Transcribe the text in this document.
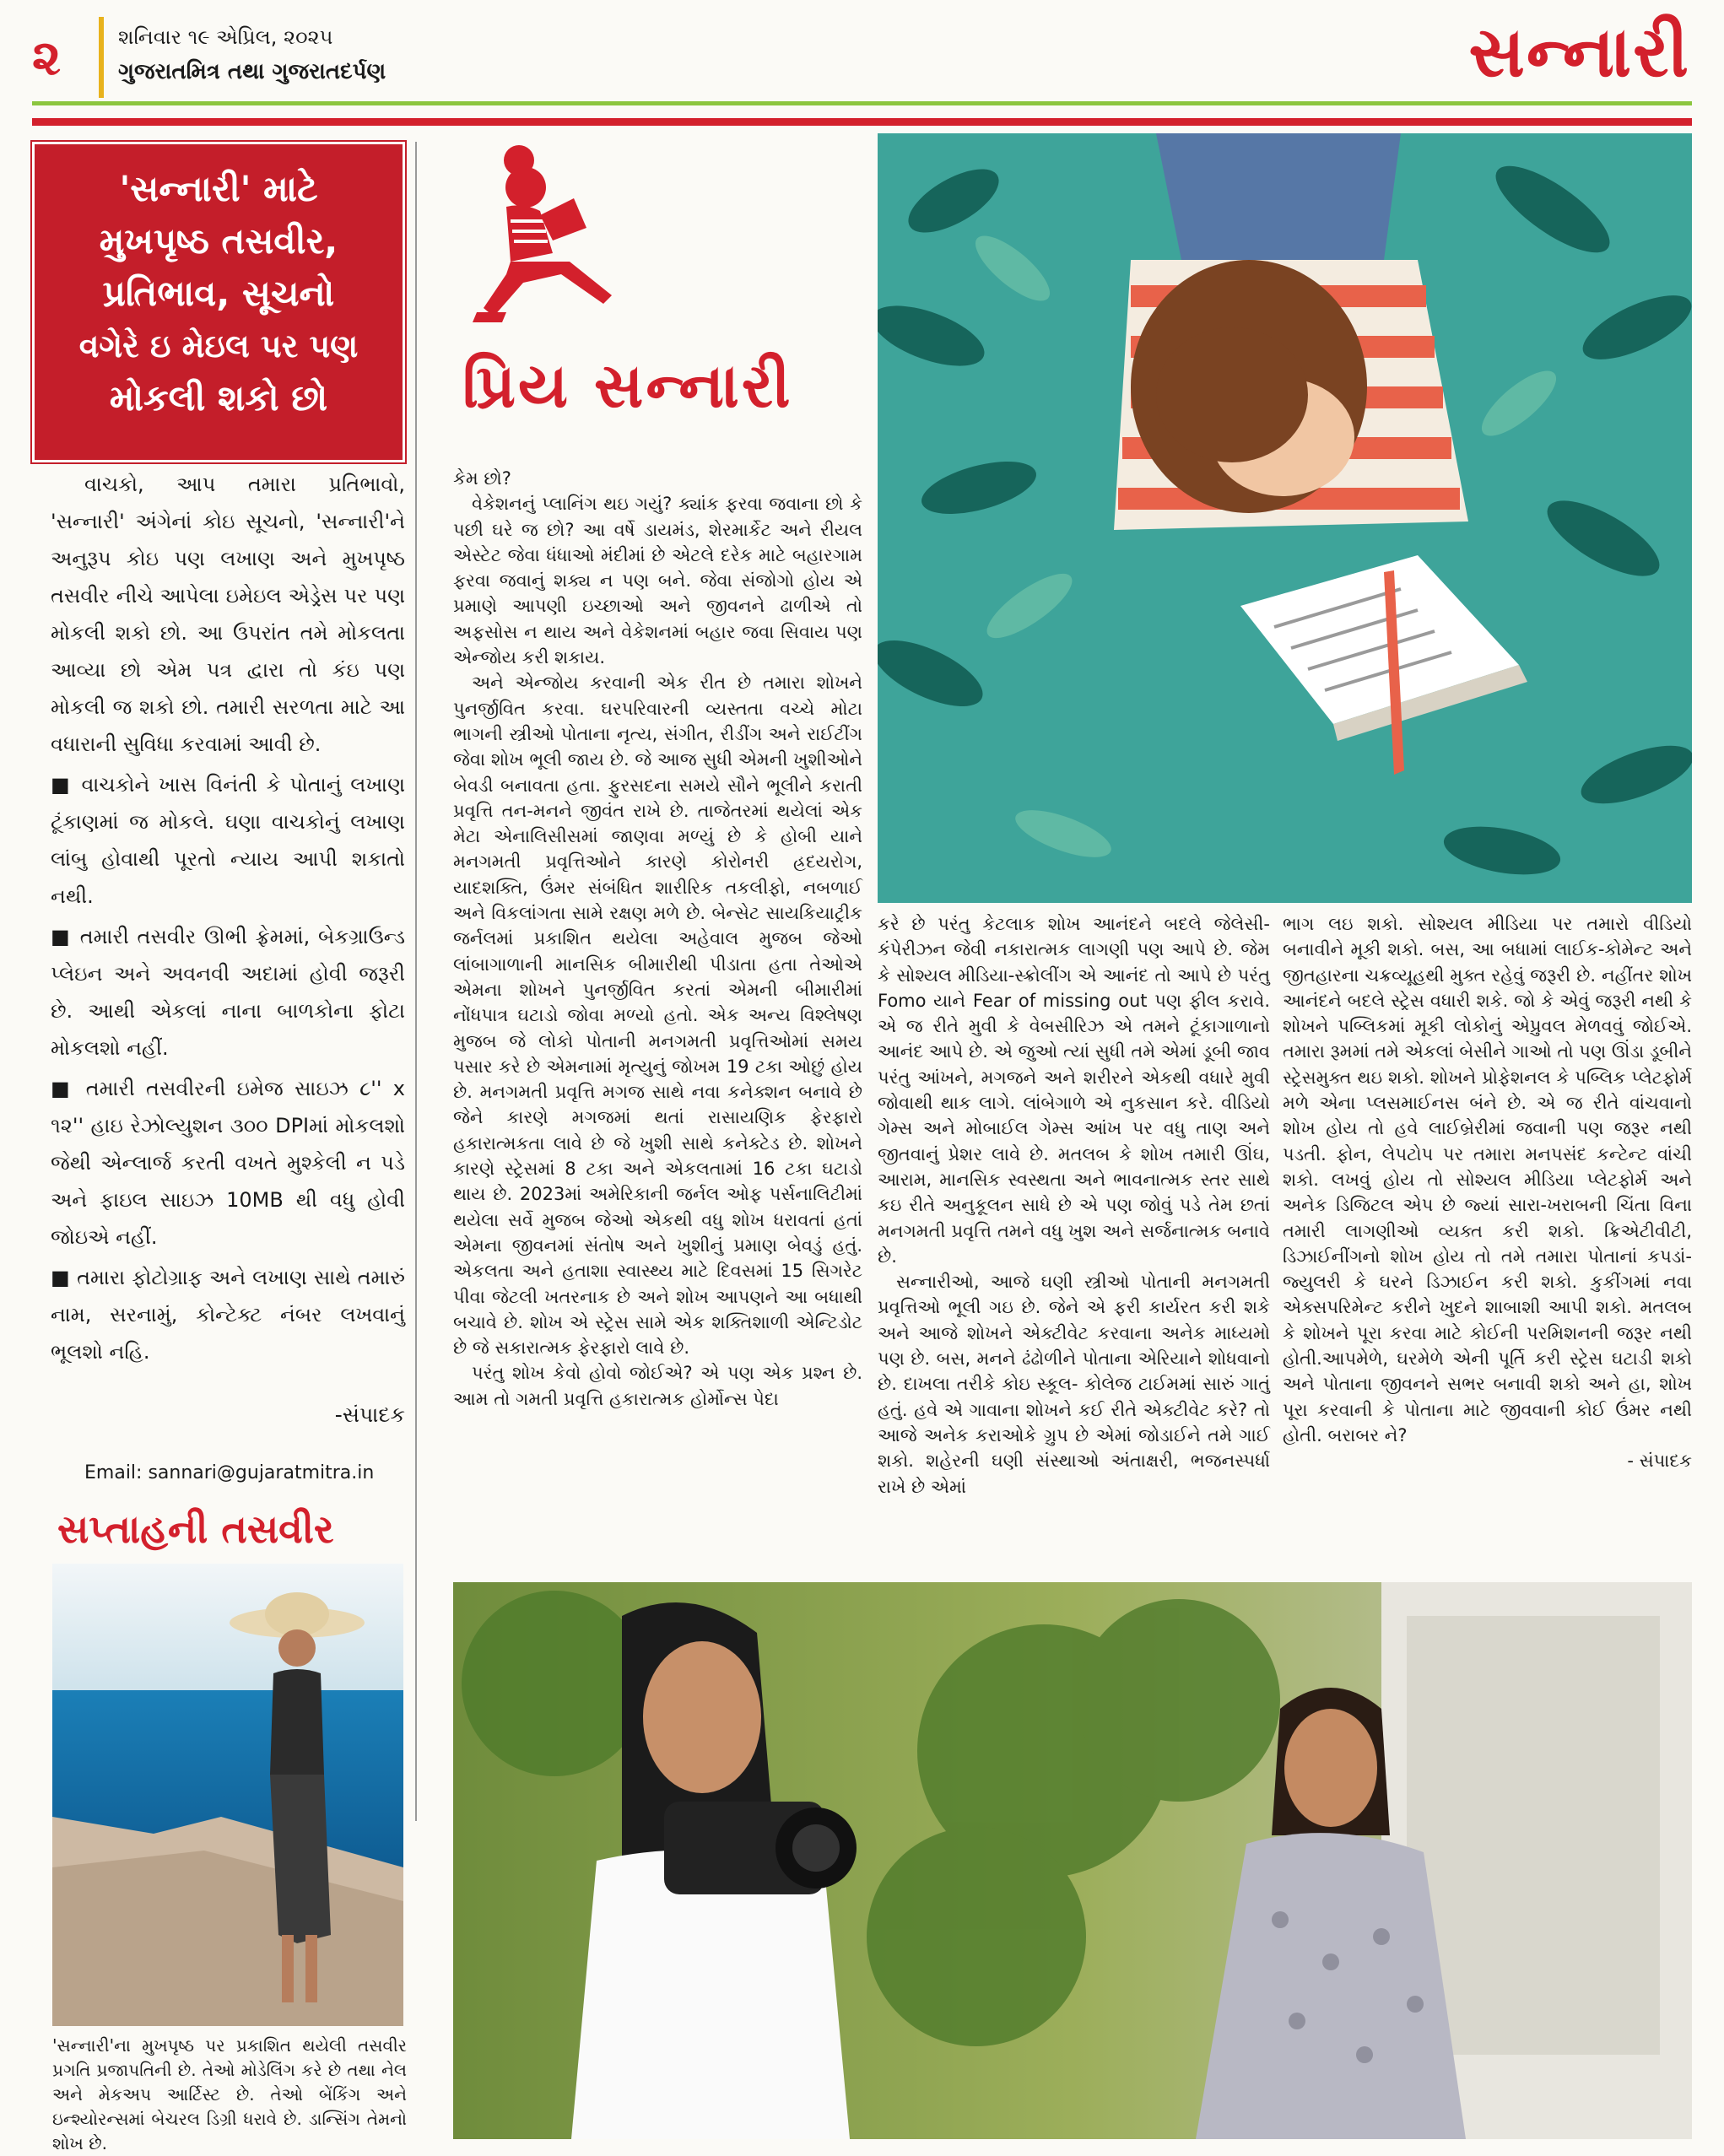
૨	શનિવાર ૧૯ એપ્રિલ, ૨૦૨૫
ગુજરાતમિત્ર તથા ગુજરાતદર્પણ	સન્નારી
'સન્નારી' માટે
મુખપૃષ્ઠ તસવીર,
પ્રતિભાવ, સૂચનો
વગેરે ઇ મેઇલ પર પણ
મોકલી શકો છો

વાચકો, આપ તમારા પ્રતિભાવો, 'સન્નારી' અંગેનાં કોઇ સૂચનો, 'સન્નારી'ને અનુરૂપ કોઇ પણ લખાણ અને મુખપૃષ્ઠ તસવીર નીચે આપેલા ઇમેઇલ એડ્રેસ પર પણ મોકલી શકો છો. આ ઉપરાંત તમે મોકલતા આવ્યા છો એમ પત્ર દ્વારા તો કંઇ પણ મોકલી જ શકો છો. તમારી સરળતા માટે આ વધારાની સુવિધા કરવામાં આવી છે.

■ વાચકોને ખાસ વિનંતી કે પોતાનું લખાણ ટૂંકાણમાં જ મોકલે. ઘણા વાચકોનું લખાણ લાંબુ હોવાથી પૂરતો ન્યાય આપી શકાતો નથી.

■ તમારી તસવીર ઊભી ફ્રેમમાં, બેકગ્રાઉન્ડ પ્લેઇન અને અવનવી અદામાં હોવી જરૂરી છે. આથી એકલાં નાના બાળકોના ફોટા મોકલશો નહીં.

■ તમારી તસવીરની ઇમેજ સાઇઝ ૮'' x ૧૨'' હાઇ રેઝોલ્યુશન ૩૦૦ DPIમાં મોકલશો જેથી એન્લાર્જ કરતી વખતે મુશ્કેલી ન પડે અને ફાઇલ સાઇઝ 10MB થી વધુ હોવી જોઇએ નહીં.

■ તમારા ફોટોગ્રાફ અને લખાણ સાથે તમારું નામ, સરનામું, કોન્ટેક્ટ નંબર લખવાનું ભૂલશો નહિ.

-સંપાદક
Email: sannari@gujaratmitra.in
સપ્તાહની તસવીર
'સન્નારી'ના મુખપૃષ્ઠ પર પ્રકાશિત થયેલી તસવીર પ્રગતિ પ્રજાપતિની છે. તેઓ મોડેલિંગ કરે છે તથા નેલ અને મેકઅપ આર્ટિસ્ટ છે. તેઓ બેંકિંગ અને ઇન્શ્યોરન્સમાં બેચરલ ડિગ્રી ધરાવે છે. ડાન્સિંગ તેમનો શોખ છે.
પ્રિય સન્નારી

કેમ છો?

વેકેશનનું પ્લાનિંગ થઇ ગયું? ક્યાંક ફરવા જવાના છો કે પછી ઘરે જ છો? આ વર્ષે ડાયમંડ, શેરમાર્કેટ અને રીયલ એસ્ટેટ જેવા ધંધાઓ મંદીમાં છે એટલે દરેક માટે બહારગામ ફરવા જવાનું શક્ય ન પણ બને. જેવા સંજોગો હોય એ પ્રમાણે આપણી ઇચ્છાઓ અને જીવનને ઢાળીએ તો અફસોસ ન થાય અને વેકેશનમાં બહાર જવા સિવાય પણ એન્જોય કરી શકાય.

અને એન્જોય કરવાની એક રીત છે તમારા શોખને પુનર્જીવિત કરવા. ઘરપરિવારની વ્યસ્તતા વચ્ચે મોટા ભાગની સ્ત્રીઓ પોતાના નૃત્ય, સંગીત, રીડીંગ અને રાઈટીંગ જેવા શોખ ભૂલી જાય છે. જે આજ સુધી એમની ખુશીઓને બેવડી બનાવતા હતા. ફુરસદના સમયે સૌને ભૂલીને કરાતી પ્રવૃત્તિ તન-મનને જીવંત રાખે છે. તાજેતરમાં થયેલાં એક મેટા એનાલિસીસમાં જાણવા મળ્યું છે કે હોબી યાને મનગમતી પ્રવૃત્તિઓને કારણે કોરોનરી હ્રદયરોગ, યાદશક્તિ, ઉંમર સંબંધિત શારીરિક તકલીફો, નબળાઈ અને વિકલાંગતા સામે રક્ષણ મળે છે. બેન્સેટ સાયકિયાટ્રીક જર્નલમાં પ્રકાશિત થયેલા અહેવાલ મુજબ જેઓ લાંબાગાળાની માનસિક બીમારીથી પીડાતા હતા તેઓએ એમના શોખને પુનર્જીવિત કરતાં એમની બીમારીમાં નોંધપાત્ર ઘટાડો જોવા મળ્યો હતો. એક અન્ય વિશ્લેષણ મુજબ જે લોકો પોતાની મનગમતી પ્રવૃત્તિઓમાં સમય પસાર કરે છે એમનામાં મૃત્યુનું જોખમ 19 ટકા ઓછું હોય છે. મનગમતી પ્રવૃત્તિ મગજ સાથે નવા કનેક્શન બનાવે છે જેને કારણે મગજમાં થતાં રાસાયણિક ફેરફારો હકારાત્મકતા લાવે છે જે ખુશી સાથે કનેક્ટેડ છે. શોખને કારણે સ્ટ્રેસમાં 8 ટકા અને એકલતામાં 16 ટકા ઘટાડો થાય છે. 2023માં અમેરિકાની જર્નલ ઓફ પર્સનાલિટીમાં થયેલા સર્વે મુજબ જેઓ એકથી વધુ શોખ ધરાવતાં હતાં એમના જીવનમાં સંતોષ અને ખુશીનું પ્રમાણ બેવડું હતું. એકલતા અને હતાશા સ્વાસ્થ્ય માટે દિવસમાં 15 સિગરેટ પીવા જેટલી ખતરનાક છે અને શોખ આપણને આ બધાથી બચાવે છે. શોખ એ સ્ટ્રેસ સામે એક શક્તિશાળી એન્ટિડોટ છે જે સકારાત્મક ફેરફારો લાવે છે.

પરંતુ શોખ કેવો હોવો જોઈએ? એ પણ એક પ્રશ્ન છે. આમ તો ગમતી પ્રવૃત્તિ હકારાત્મક હોર્મોન્સ પેદા

કરે છે પરંતુ કેટલાક શોખ આનંદને બદલે જેલેસી-કંપેરીઝન જેવી નકારાત્મક લાગણી પણ આપે છે. જેમ કે સોશ્યલ મીડિયા-સ્ક્રોલીંગ એ આનંદ તો આપે છે પરંતુ Fomo યાને Fear of missing out પણ ફીલ કરાવે. એ જ રીતે મુવી કે વેબસીરિઝ એ તમને ટૂંકાગાળાનો આનંદ આપે છે. એ જુઓ ત્યાં સુધી તમે એમાં ડૂબી જાવ પરંતુ આંખને, મગજને અને શરીરને એકથી વધારે મુવી જોવાથી થાક લાગે. લાંબેગાળે એ નુકસાન કરે. વીડિયો ગેમ્સ અને મોબાઈલ ગેમ્સ આંખ પર વધુ તાણ અને જીતવાનું પ્રેશર લાવે છે. મતલબ કે શોખ તમારી ઊંઘ, આરામ, માનસિક સ્વસ્થતા અને ભાવનાત્મક સ્તર સાથે કઇ રીતે અનુકૂલન સાધે છે એ પણ જોવું પડે તેમ છતાં મનગમતી પ્રવૃત્તિ તમને વધુ ખુશ અને સર્જનાત્મક બનાવે છે.

સન્નારીઓ, આજે ઘણી સ્ત્રીઓ પોતાની મનગમતી પ્રવૃત્તિઓ ભૂલી ગઇ છે. જેને એ ફરી કાર્યરત કરી શકે અને આજે શોખને એક્ટીવેટ કરવાના અનેક માધ્યમો પણ છે. બસ, મનને ઢંઢોળીને પોતાના એરિયાને શોધવાનો છે. દાખલા તરીકે કોઇ સ્કૂલ- કોલેજ ટાઈમમાં સારું ગાતું હતું. હવે એ ગાવાના શોખને કઈ રીતે એક્ટીવેટ કરે? તો આજે અનેક કરાઓકે ગ્રુપ છે એમાં જોડાઈને તમે ગાઈ શકો. શહેરની ઘણી સંસ્થાઓ અંતાક્ષરી, ભજનસ્પર્ધા રાખે છે એમાં

ભાગ લઇ શકો. સોશ્યલ મીડિયા પર તમારો વીડિયો બનાવીને મૂકી શકો. બસ, આ બધામાં લાઈક-કોમેન્ટ અને જીતહારના ચક્રવ્યૂહથી મુક્ત રહેવું જરૂરી છે. નહીંતર શોખ આનંદને બદલે સ્ટ્રેસ વધારી શકે. જો કે એવું જરૂરી નથી કે શોખને પબ્લિકમાં મૂકી લોકોનું એપ્રુવલ મેળવવું જોઈએ. તમારા રૂમમાં તમે એકલાં બેસીને ગાઓ તો પણ ઊંડા ડૂબીને સ્ટ્રેસમુક્ત થઇ શકો. શોખને પ્રોફેશનલ કે પબ્લિક પ્લેટફોર્મ મળે એના પ્લસમાઈનસ બંને છે. એ જ રીતે વાંચવાનો શોખ હોય તો હવે લાઈબ્રેરીમાં જવાની પણ જરૂર નથી પડતી. ફોન, લેપટોપ પર તમારા મનપસંદ કન્ટેન્ટ વાંચી શકો. લખવું હોય તો સોશ્યલ મીડિયા પ્લેટફોર્મ અને અનેક ડિજિટલ એપ છે જ્યાં સારા-ખરાબની ચિંતા વિના તમારી લાગણીઓ વ્યક્ત કરી શકો. ક્રિએટીવીટી, ડિઝાઈનીંગનો શોખ હોય તો તમે તમારા પોતાનાં કપડાં-જ્યુલરી કે ઘરને ડિઝાઈન કરી શકો. કુકીંગમાં નવા એક્સપરિમેન્ટ કરીને ખુદને શાબાશી આપી શકો. મતલબ કે શોખને પૂરા કરવા માટે કોઈની પરમિશનની જરૂર નથી હોતી.આપમેળે, ઘરમેળે એની પૂર્તિ કરી સ્ટ્રેસ ઘટાડી શકો અને પોતાના જીવનને સભર બનાવી શકો અને હા, શોખ પૂરા કરવાની કે પોતાના માટે જીવવાની કોઈ ઉંમર નથી હોતી. બરાબર ને?

- સંપાદક
